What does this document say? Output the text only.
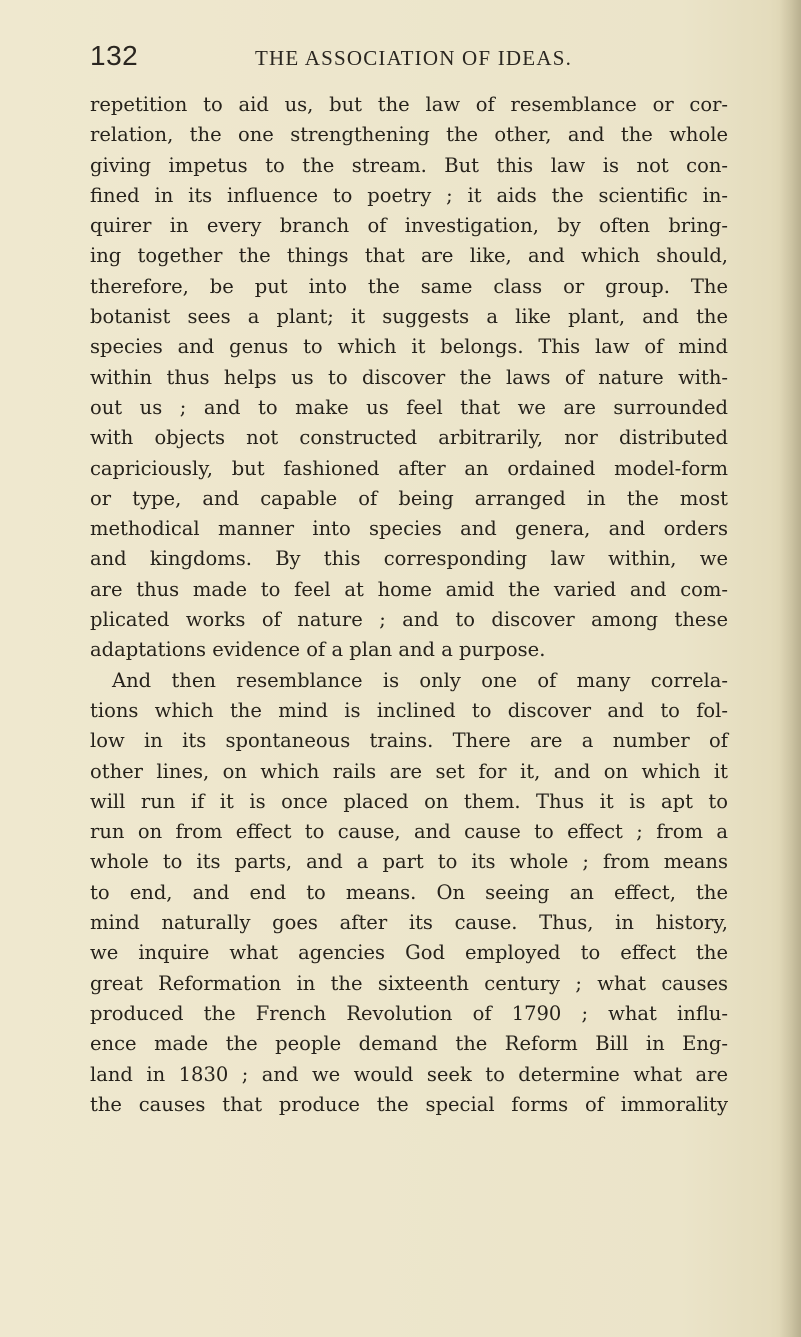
132	THE ASSOCIATION OF IDEAS.
repetition to aid us, but the law of resemblance or cor-
relation, the one strengthening the other, and the whole
giving impetus to the stream. But this law is not con-
fined in its influence to poetry ; it aids the scientific in-
quirer in every branch of investigation, by often bring-
ing together the things that are like, and which should,
therefore, be put into the same class or group. The
botanist sees a plant; it suggests a like plant, and the
species and genus to which it belongs. This law of mind
within thus helps us to discover the laws of nature with-
out us ; and to make us feel that we are surrounded
with objects not constructed arbitrarily, nor distributed
capriciously, but fashioned after an ordained model-form
or type, and capable of being arranged in the most
methodical manner into species and genera, and orders
and kingdoms. By this corresponding law within, we
are thus made to feel at home amid the varied and com-
plicated works of nature ; and to discover among these
adaptations evidence of a plan and a purpose.
And then resemblance is only one of many correla-
tions which the mind is inclined to discover and to fol-
low in its spontaneous trains. There are a number of
other lines, on which rails are set for it, and on which it
will run if it is once placed on them. Thus it is apt to
run on from effect to cause, and cause to effect ; from a
whole to its parts, and a part to its whole ; from means
to end, and end to means. On seeing an effect, the
mind naturally goes after its cause. Thus, in history,
we inquire what agencies God employed to effect the
great Reformation in the sixteenth century ; what causes
produced the French Revolution of 1790 ; what influ-
ence made the people demand the Reform Bill in Eng-
land in 1830 ; and we would seek to determine what are
the causes that produce the special forms of immorality
